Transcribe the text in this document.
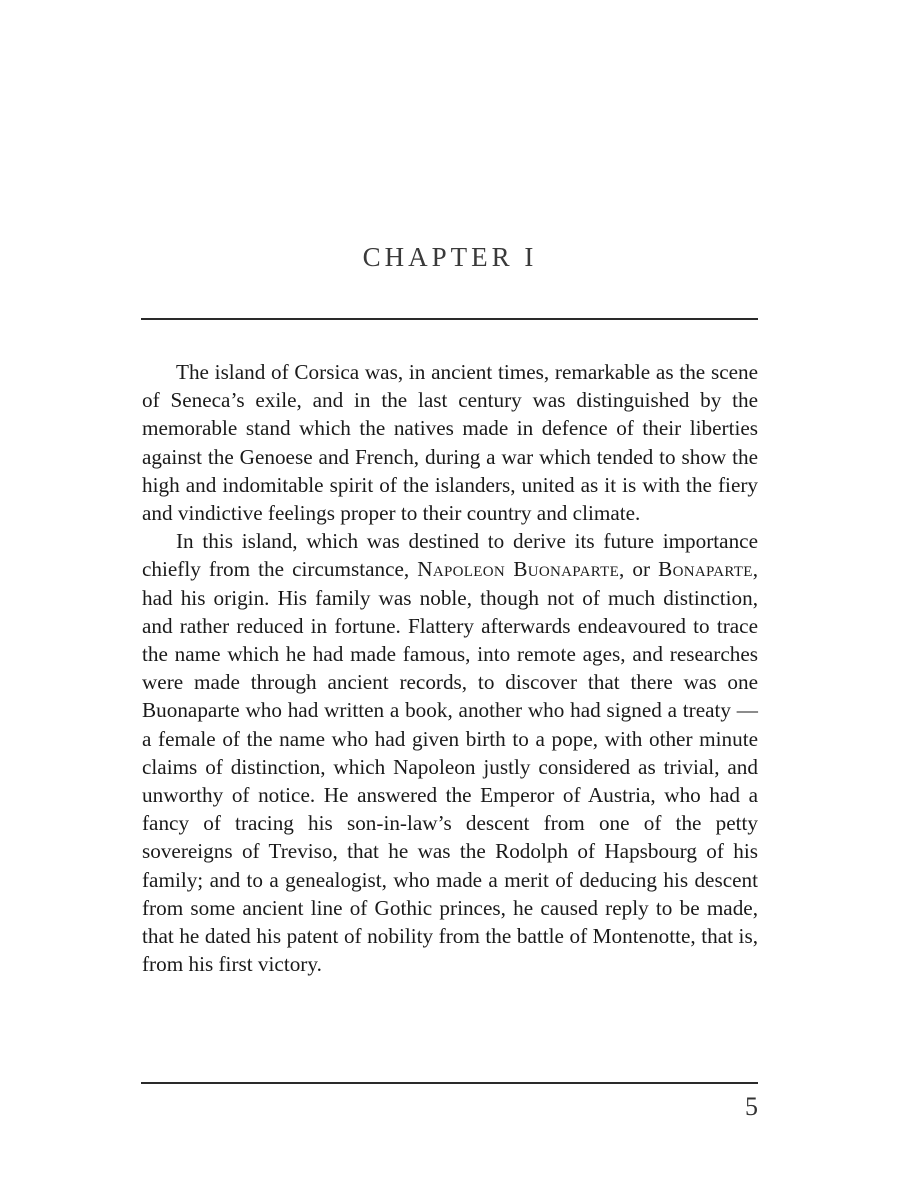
CHAPTER I

The island of Corsica was, in ancient times, remarkable as the scene of Seneca’s exile, and in the last century was distinguished by the memorable stand which the natives made in defence of their liberties against the Genoese and French, during a war which tended to show the high and indomitable spirit of the islanders, united as it is with the fiery and vindictive feelings proper to their country and climate.

In this island, which was destined to derive its future importance chiefly from the circumstance, Napoleon Buonaparte, or Bonaparte, had his origin. His family was noble, though not of much distinction, and rather reduced in fortune. Flattery afterwards endeavoured to trace the name which he had made famous, into remote ages, and researches were made through ancient records, to discover that there was one Buonaparte who had written a book, another who had signed a treaty — a female of the name who had given birth to a pope, with other minute claims of distinction, which Napoleon justly considered as trivial, and unworthy of notice. He answered the Emperor of Austria, who had a fancy of tracing his son-in-law’s descent from one of the petty sovereigns of Treviso, that he was the Rodolph of Hapsbourg of his family; and to a genealogist, who made a merit of deducing his descent from some ancient line of Gothic princes, he caused reply to be made, that he dated his patent of nobility from the battle of Montenotte, that is, from his first victory.

5
